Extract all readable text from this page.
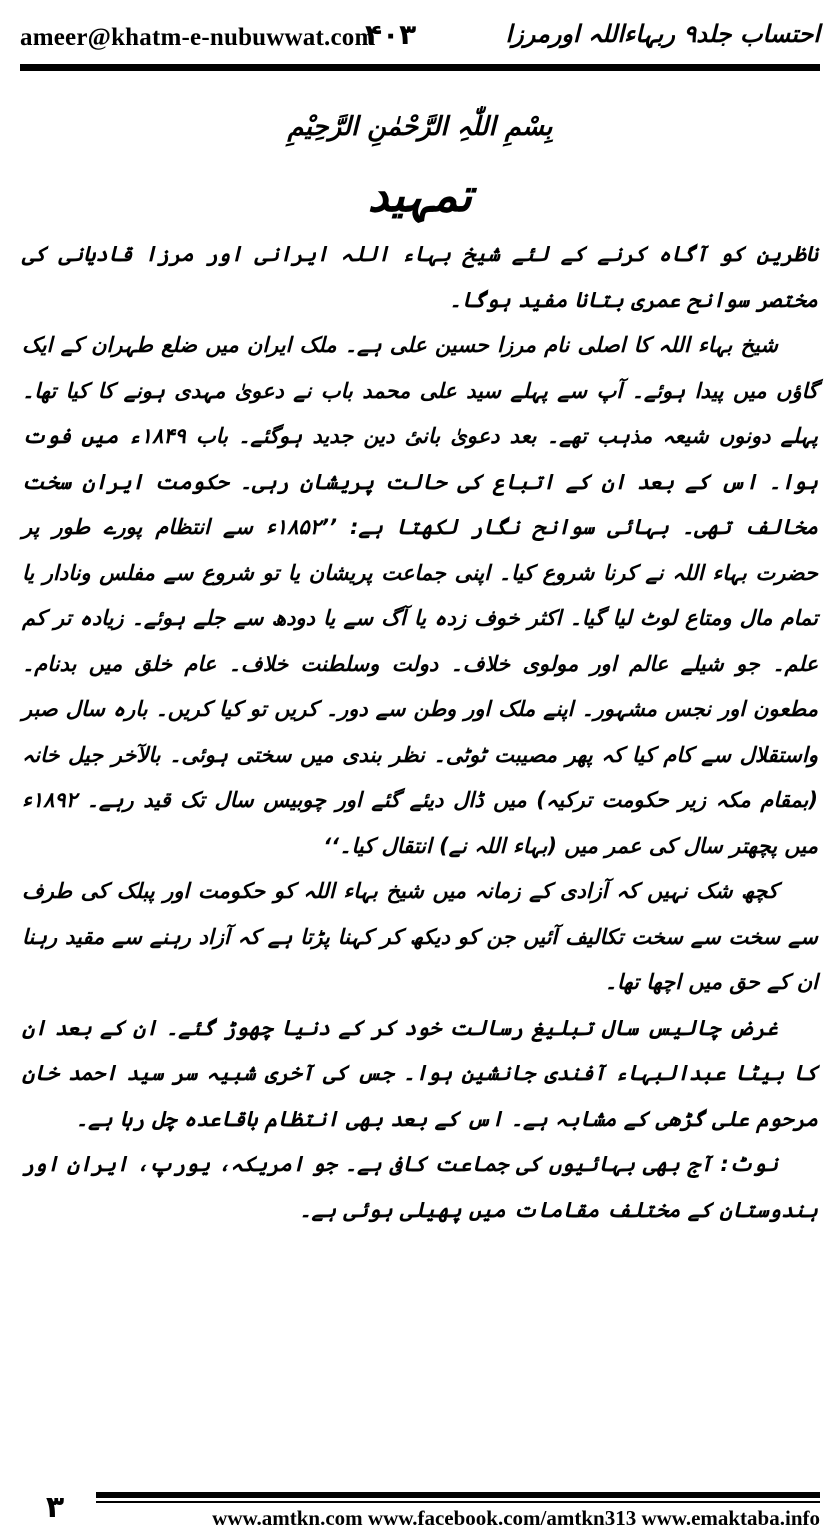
ameer@khatm-e-nubuwwat.com
۴۰۳	احتساب جلد۹ ربہاءاللہ اورمرزا
بِسْمِ اللّٰہِ الرَّحْمٰنِ الرَّحِیْمِ
تمہید

ناظرین کو آگاہ کرنے کے لئے شیخ بہاء اللہ ایرانی اور مرزا قادیانی کی مختصر سوانح عمری بتانا مفید ہوگا۔

شیخ بہاء اللہ کا اصلی نام مرزا حسین علی ہے۔ ملک ایران میں ضلع طہران کے ایک گاؤں میں پیدا ہوئے۔ آپ سے پہلے سید علی محمد باب نے دعویٰ مہدی ہونے کا کیا تھا۔ پہلے دونوں شیعہ مذہب تھے۔ بعد دعویٰ بانیٔ دین جدید ہوگئے۔ باب ۱۸۴۹ء میں فوت ہوا۔ اس کے بعد ان کے اتباع کی حالت پریشان رہی۔ حکومت ایران سخت مخالف تھی۔ بہائی سوانح نگار لکھتا ہے: ’’۱۸۵۲ء سے انتظام پورے طور پر حضرت بہاء اللہ نے کرنا شروع کیا۔ اپنی جماعت پریشان یا تو شروع سے مفلس ونادار یا تمام مال ومتاع لوٹ لیا گیا۔ اکثر خوف زدہ یا آگ سے یا دودھ سے جلے ہوئے۔ زیادہ تر کم علم۔ جو شیلے عالم اور مولوی خلاف۔ دولت وسلطنت خلاف۔ عام خلق میں بدنام۔ مطعون اور نجس مشہور۔ اپنے ملک اور وطن سے دور۔ کریں تو کیا کریں۔ بارہ سال صبر واستقلال سے کام کیا کہ پھر مصیبت ٹوٹی۔ نظر بندی میں سختی ہوئی۔ بالآخر جیل خانہ (بمقام مکہ زیر حکومت ترکیہ) میں ڈال دیئے گئے اور چوبیس سال تک قید رہے۔ ۱۸۹۲ء میں پچھتر سال کی عمر میں (بہاء اللہ نے) انتقال کیا۔‘‘

کچھ شک نہیں کہ آزادی کے زمانہ میں شیخ بہاء اللہ کو حکومت اور پبلک کی طرف سے سخت سے سخت تکالیف آئیں جن کو دیکھ کر کہنا پڑتا ہے کہ آزاد رہنے سے مقید رہنا ان کے حق میں اچھا تھا۔

غرض چالیس سال تبلیغ رسالت خود کر کے دنیا چھوڑ گئے۔ ان کے بعد ان کا بیٹا عبدالبہاء آفندی جانشین ہوا۔ جس کی آخری شبیہ سر سید احمد خان مرحوم علی گڑھی کے مشابہ ہے۔ اس کے بعد بھی انتظام باقاعدہ چل رہا ہے۔

نوٹ: آج بھی بہائیوں کی جماعت کافی ہے۔ جو امریکہ، یورپ، ایران اور ہندوستان کے مختلف مقامات میں پھیلی ہوئی ہے۔

۳	www.amtkn.com www.facebook.com/amtkn313 www.emaktaba.info
